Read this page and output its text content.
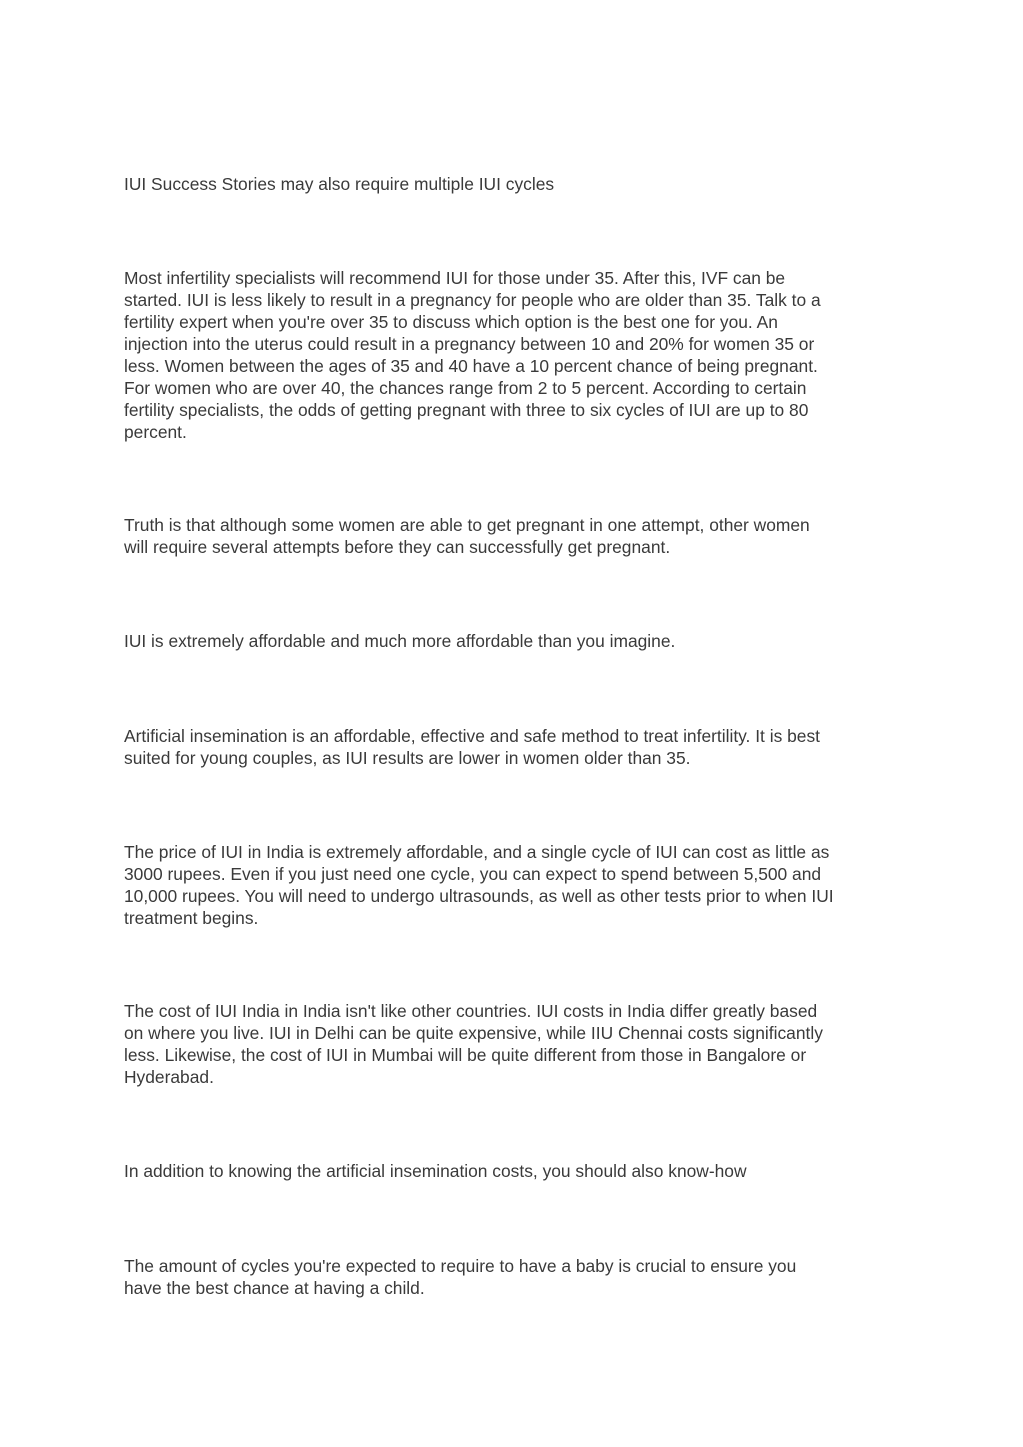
IUI Success Stories may also require multiple IUI cycles

Most infertility specialists will recommend IUI for those under 35. After this, IVF can be
started. IUI is less likely to result in a pregnancy for people who are older than 35. Talk to a
fertility expert when you're over 35 to discuss which option is the best one for you. An
injection into the uterus could result in a pregnancy between 10 and 20% for women 35 or
less. Women between the ages of 35 and 40 have a 10 percent chance of being pregnant.
For women who are over 40, the chances range from 2 to 5 percent. According to certain
fertility specialists, the odds of getting pregnant with three to six cycles of IUI are up to 80
percent.

Truth is that although some women are able to get pregnant in one attempt, other women
will require several attempts before they can successfully get pregnant.

IUI is extremely affordable and much more affordable than you imagine.

Artificial insemination is an affordable, effective and safe method to treat infertility. It is best
suited for young couples, as IUI results are lower in women older than 35.

The price of IUI in India is extremely affordable, and a single cycle of IUI can cost as little as
3000 rupees. Even if you just need one cycle, you can expect to spend between 5,500 and
10,000 rupees. You will need to undergo ultrasounds, as well as other tests prior to when IUI
treatment begins.

The cost of IUI India in India isn't like other countries. IUI costs in India differ greatly based
on where you live. IUI in Delhi can be quite expensive, while IIU Chennai costs significantly
less. Likewise, the cost of IUI in Mumbai will be quite different from those in Bangalore or
Hyderabad.

In addition to knowing the artificial insemination costs, you should also know-how

The amount of cycles you're expected to require to have a baby is crucial to ensure you
have the best chance at having a child.
